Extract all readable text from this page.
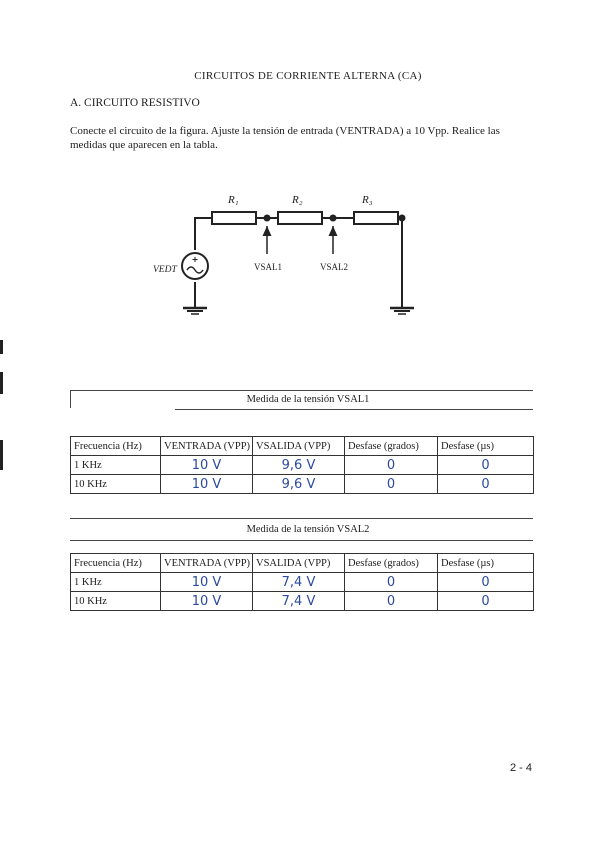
CIRCUITOS DE CORRIENTE ALTERNA (CA)
A. CIRCUITO RESISTIVO
Conecte el circuito de la figura. Ajuste la tensión de entrada (VENTRADA) a 10 Vpp. Realice las medidas que aparecen en la tabla.
R₁	R₂	R₃
VEDT	VSAL1	VSAL2
Medida de la tensión VSAL1
Frecuencia (Hz)	VENTRADA (VPP)	VSALIDA (VPP)	Desfase (grados)	Desfase (µs)
1 KHz	10 V	9,6 V	0	0
10 KHz	10 V	9,6 V	0	0
Medida de la tensión VSAL2
Frecuencia (Hz)	VENTRADA (VPP)	VSALIDA (VPP)	Desfase (grados)	Desfase (µs)
1 KHz	10 V	7,4 V	0	0
10 KHz	10 V	7,4 V	0	0
2 - 4
